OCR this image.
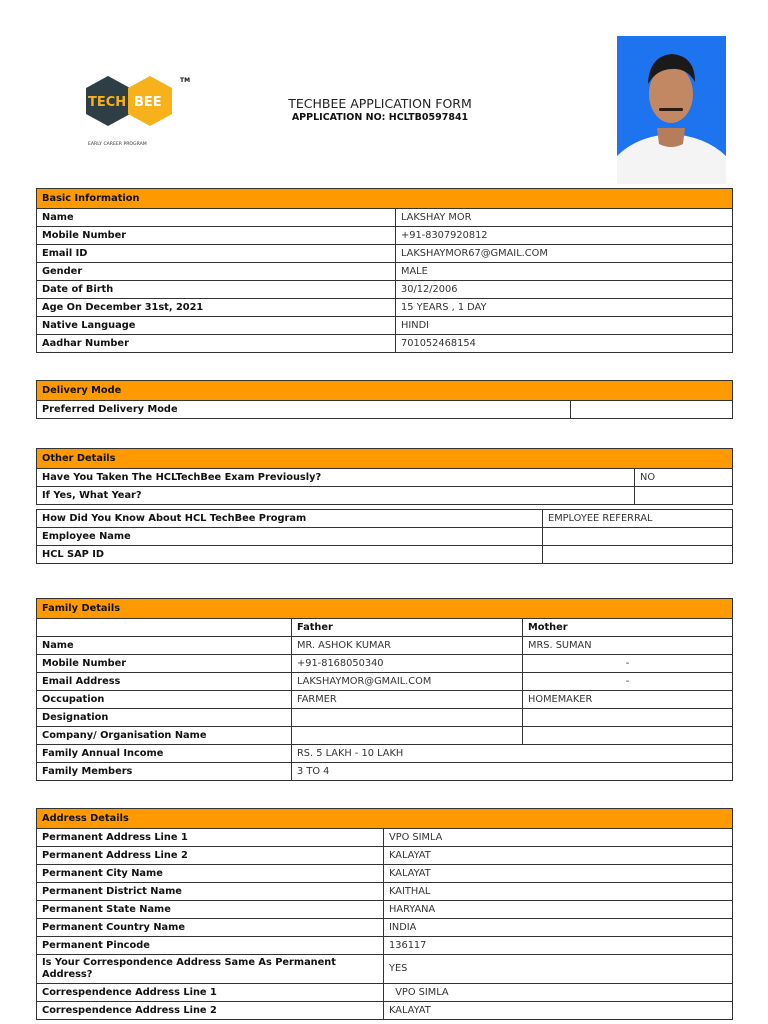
TECH BEE
TM
EARLY CAREER PROGRAM
TECHBEE APPLICATION FORM
APPLICATION NO: HCLTB0597841
Basic Information	
Name	LAKSHAY MOR
Mobile Number	+91-8307920812
Email ID	LAKSHAYMOR67@GMAIL.COM
Gender	MALE
Date of Birth	30/12/2006
Age On December 31st, 2021	15 YEARS , 1 DAY
Native Language	HINDI
Aadhar Number	701052468154
Delivery Mode
Preferred Delivery Mode	
Other Details		
Have You Taken The HCLTechBee Exam Previously?		NO
If Yes, What Year?		

How Did You Know About HCL TechBee Program	EMPLOYEE REFERRAL	
Employee Name		
HCL SAP ID		
Family Details		
	Father	Mother
Name	MR. ASHOK KUMAR	MRS. SUMAN
Mobile Number	+91-8168050340	-
Email Address	LAKSHAYMOR@GMAIL.COM	-
Occupation	FARMER	HOMEMAKER
Designation		
Company/ Organisation Name		
Family Annual Income	RS. 5 LAKH - 10 LAKH	
Family Members	3 TO 4	
Address Details	
Permanent Address Line 1	VPO SIMLA
Permanent Address Line 2	KALAYAT
Permanent City Name	KALAYAT
Permanent District Name	KAITHAL
Permanent State Name	HARYANA
Permanent Country Name	INDIA
Permanent Pincode	136117
Is Your Correspondence Address Same As Permanent Address?	YES
Correspendence Address Line 1	VPO SIMLA
Correspendence Address Line 2	KALAYAT
